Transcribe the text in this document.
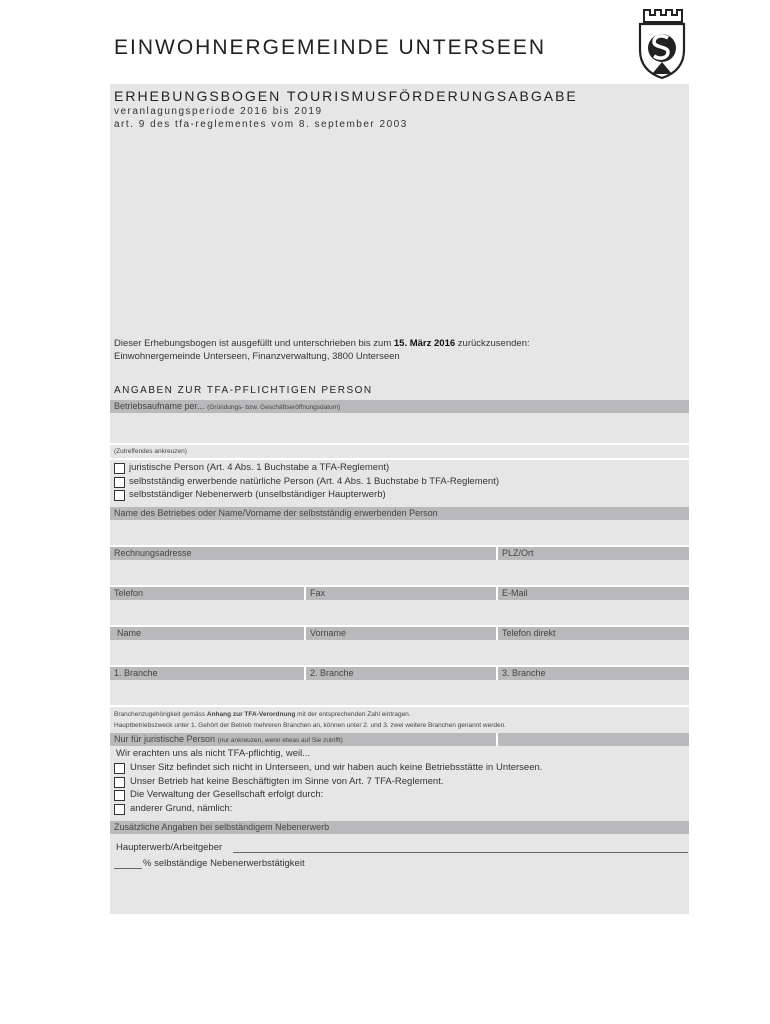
EINWOHNERGEMEINDE UNTERSEEN
ERHEBUNGSBOGEN TOURISMUSFÖRDERUNGSABGABE
veranlagungsperiode 2016 bis 2019
art. 9 des tfa-reglementes vom 8. september 2003
Dieser Erhebungsbogen ist ausgefüllt und unterschrieben bis zum 15. März 2016 zurückzusenden:
Einwohnergemeinde Unterseen, Finanzverwaltung, 3800 Unterseen
ANGABEN ZUR TFA-PFLICHTIGEN PERSON
Betriebsaufname per... (Gründungs- bzw. Geschäftseröffnungsdatum)
(Zutreffendes ankreuzen)
juristische Person (Art. 4 Abs. 1 Buchstabe a TFA-Reglement)
selbstständig erwerbende natürliche Person (Art. 4 Abs. 1 Buchstabe b TFA-Reglement)
selbstständiger Nebenerwerb (unselbständiger Haupterwerb)
Name des Betriebes oder Name/Vorname der selbstständig erwerbenden Person
Rechnungsadresse	PLZ/Ort
Telefon	Fax	E-Mail
Name	Vorname	Telefon direkt
1. Branche	2. Branche	3. Branche
Branchenzugehörigkeit gemäss Anhang zur TFA-Verordnung mit der entsprechenden Zahl eintragen.
Hauptbetriebszweck unter 1. Gehört der Betrieb mehreren Branchen an, können unter 2. und 3. zwei weitere Branchen genannt werden.
Nur für juristische Person (nur ankreuzen, wenn etwas auf Sie zutrifft)
Wir erachten uns als nicht TFA-pflichtig, weil...
Unser Sitz befindet sich nicht in Unterseen, und wir haben auch keine Betriebsstätte in Unterseen.
Unser Betrieb hat keine Beschäftigten im Sinne von Art. 7 TFA-Reglement.
Die Verwaltung der Gesellschaft erfolgt durch:
anderer Grund, nämlich:
Zusätzliche Angaben bei selbständigem Nebenerwerb
Haupterwerb/Arbeitgeber
% selbständige Nebenerwerbstätigkeit
